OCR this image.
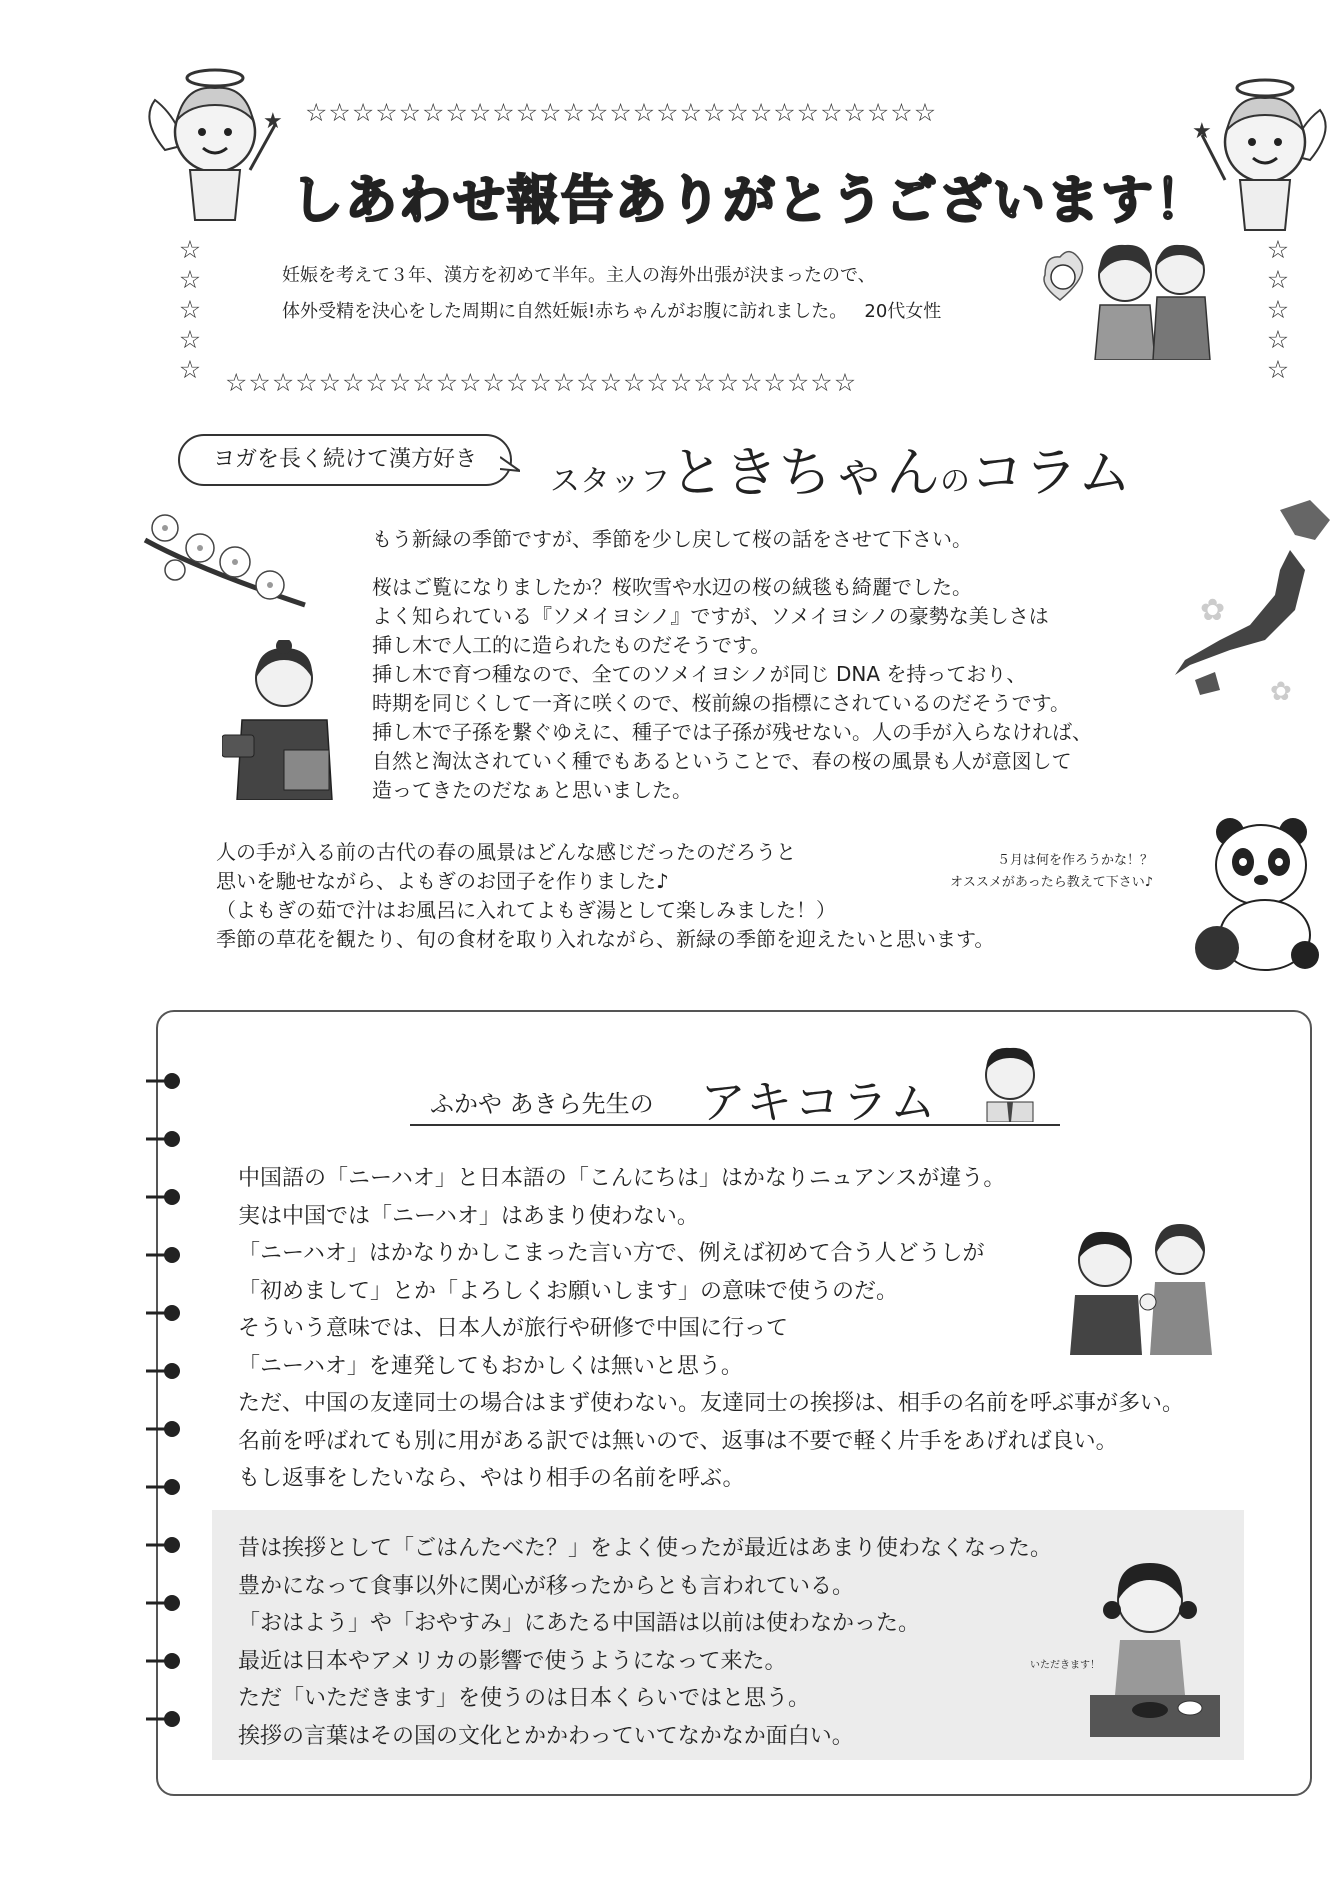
☆☆☆☆☆☆☆☆☆☆☆☆☆☆☆☆☆☆☆☆☆☆☆☆☆☆☆
☆☆☆☆☆☆☆☆☆☆☆☆☆☆☆☆☆☆☆☆☆☆☆☆☆☆☆
☆
☆
☆
☆
☆
☆
☆
☆
☆
☆
★	★
しあわせ報告ありがとうございます！
妊娠を考えて３年、漢方を初めて半年。主人の海外出張が決まったので、
体外受精を決心をした周期に自然妊娠!赤ちゃんがお腹に訪れました。 20代女性
ヨガを長く続けて漢方好き
スタッフときちゃんのコラム
もう新緑の季節ですが、季節を少し戻して桜の話をさせて下さい。
桜はご覧になりましたか？桜吹雪や水辺の桜の絨毯も綺麗でした。
よく知られている『ソメイヨシノ』ですが、ソメイヨシノの豪勢な美しさは
挿し木で人工的に造られたものだそうです。
挿し木で育つ種なので、全てのソメイヨシノが同じ DNA を持っており、
時期を同じくして一斉に咲くので、桜前線の指標にされているのだそうです。
挿し木で子孫を繋ぐゆえに、種子では子孫が残せない。人の手が入らなければ、
自然と淘汰されていく種でもあるということで、春の桜の風景も人が意図して
造ってきたのだなぁと思いました。
✿
✿
人の手が入る前の古代の春の風景はどんな感じだったのだろうと
思いを馳せながら、よもぎのお団子を作りました♪
（よもぎの茹で汁はお風呂に入れてよもぎ湯として楽しみました！）
季節の草花を観たり、旬の食材を取り入れながら、新緑の季節を迎えたいと思います。
５月は何を作ろうかな！？
オススメがあったら教えて下さい♪
ふかや あきら先生の アキコラム
中国語の「ニーハオ」と日本語の「こんにちは」はかなりニュアンスが違う。
実は中国では「ニーハオ」はあまり使わない。
「ニーハオ」はかなりかしこまった言い方で、例えば初めて合う人どうしが
「初めまして」とか「よろしくお願いします」の意味で使うのだ。
そういう意味では、日本人が旅行や研修で中国に行って
「ニーハオ」を連発してもおかしくは無いと思う。
ただ、中国の友達同士の場合はまず使わない。友達同士の挨拶は、相手の名前を呼ぶ事が多い。
名前を呼ばれても別に用がある訳では無いので、返事は不要で軽く片手をあげれば良い。
もし返事をしたいなら、やはり相手の名前を呼ぶ。
昔は挨拶として「ごはんたべた？」をよく使ったが最近はあまり使わなくなった。
豊かになって食事以外に関心が移ったからとも言われている。
「おはよう」や「おやすみ」にあたる中国語は以前は使わなかった。
最近は日本やアメリカの影響で使うようになって来た。
ただ「いただきます」を使うのは日本くらいではと思う。
挨拶の言葉はその国の文化とかかわっていてなかなか面白い。
いただきます！
